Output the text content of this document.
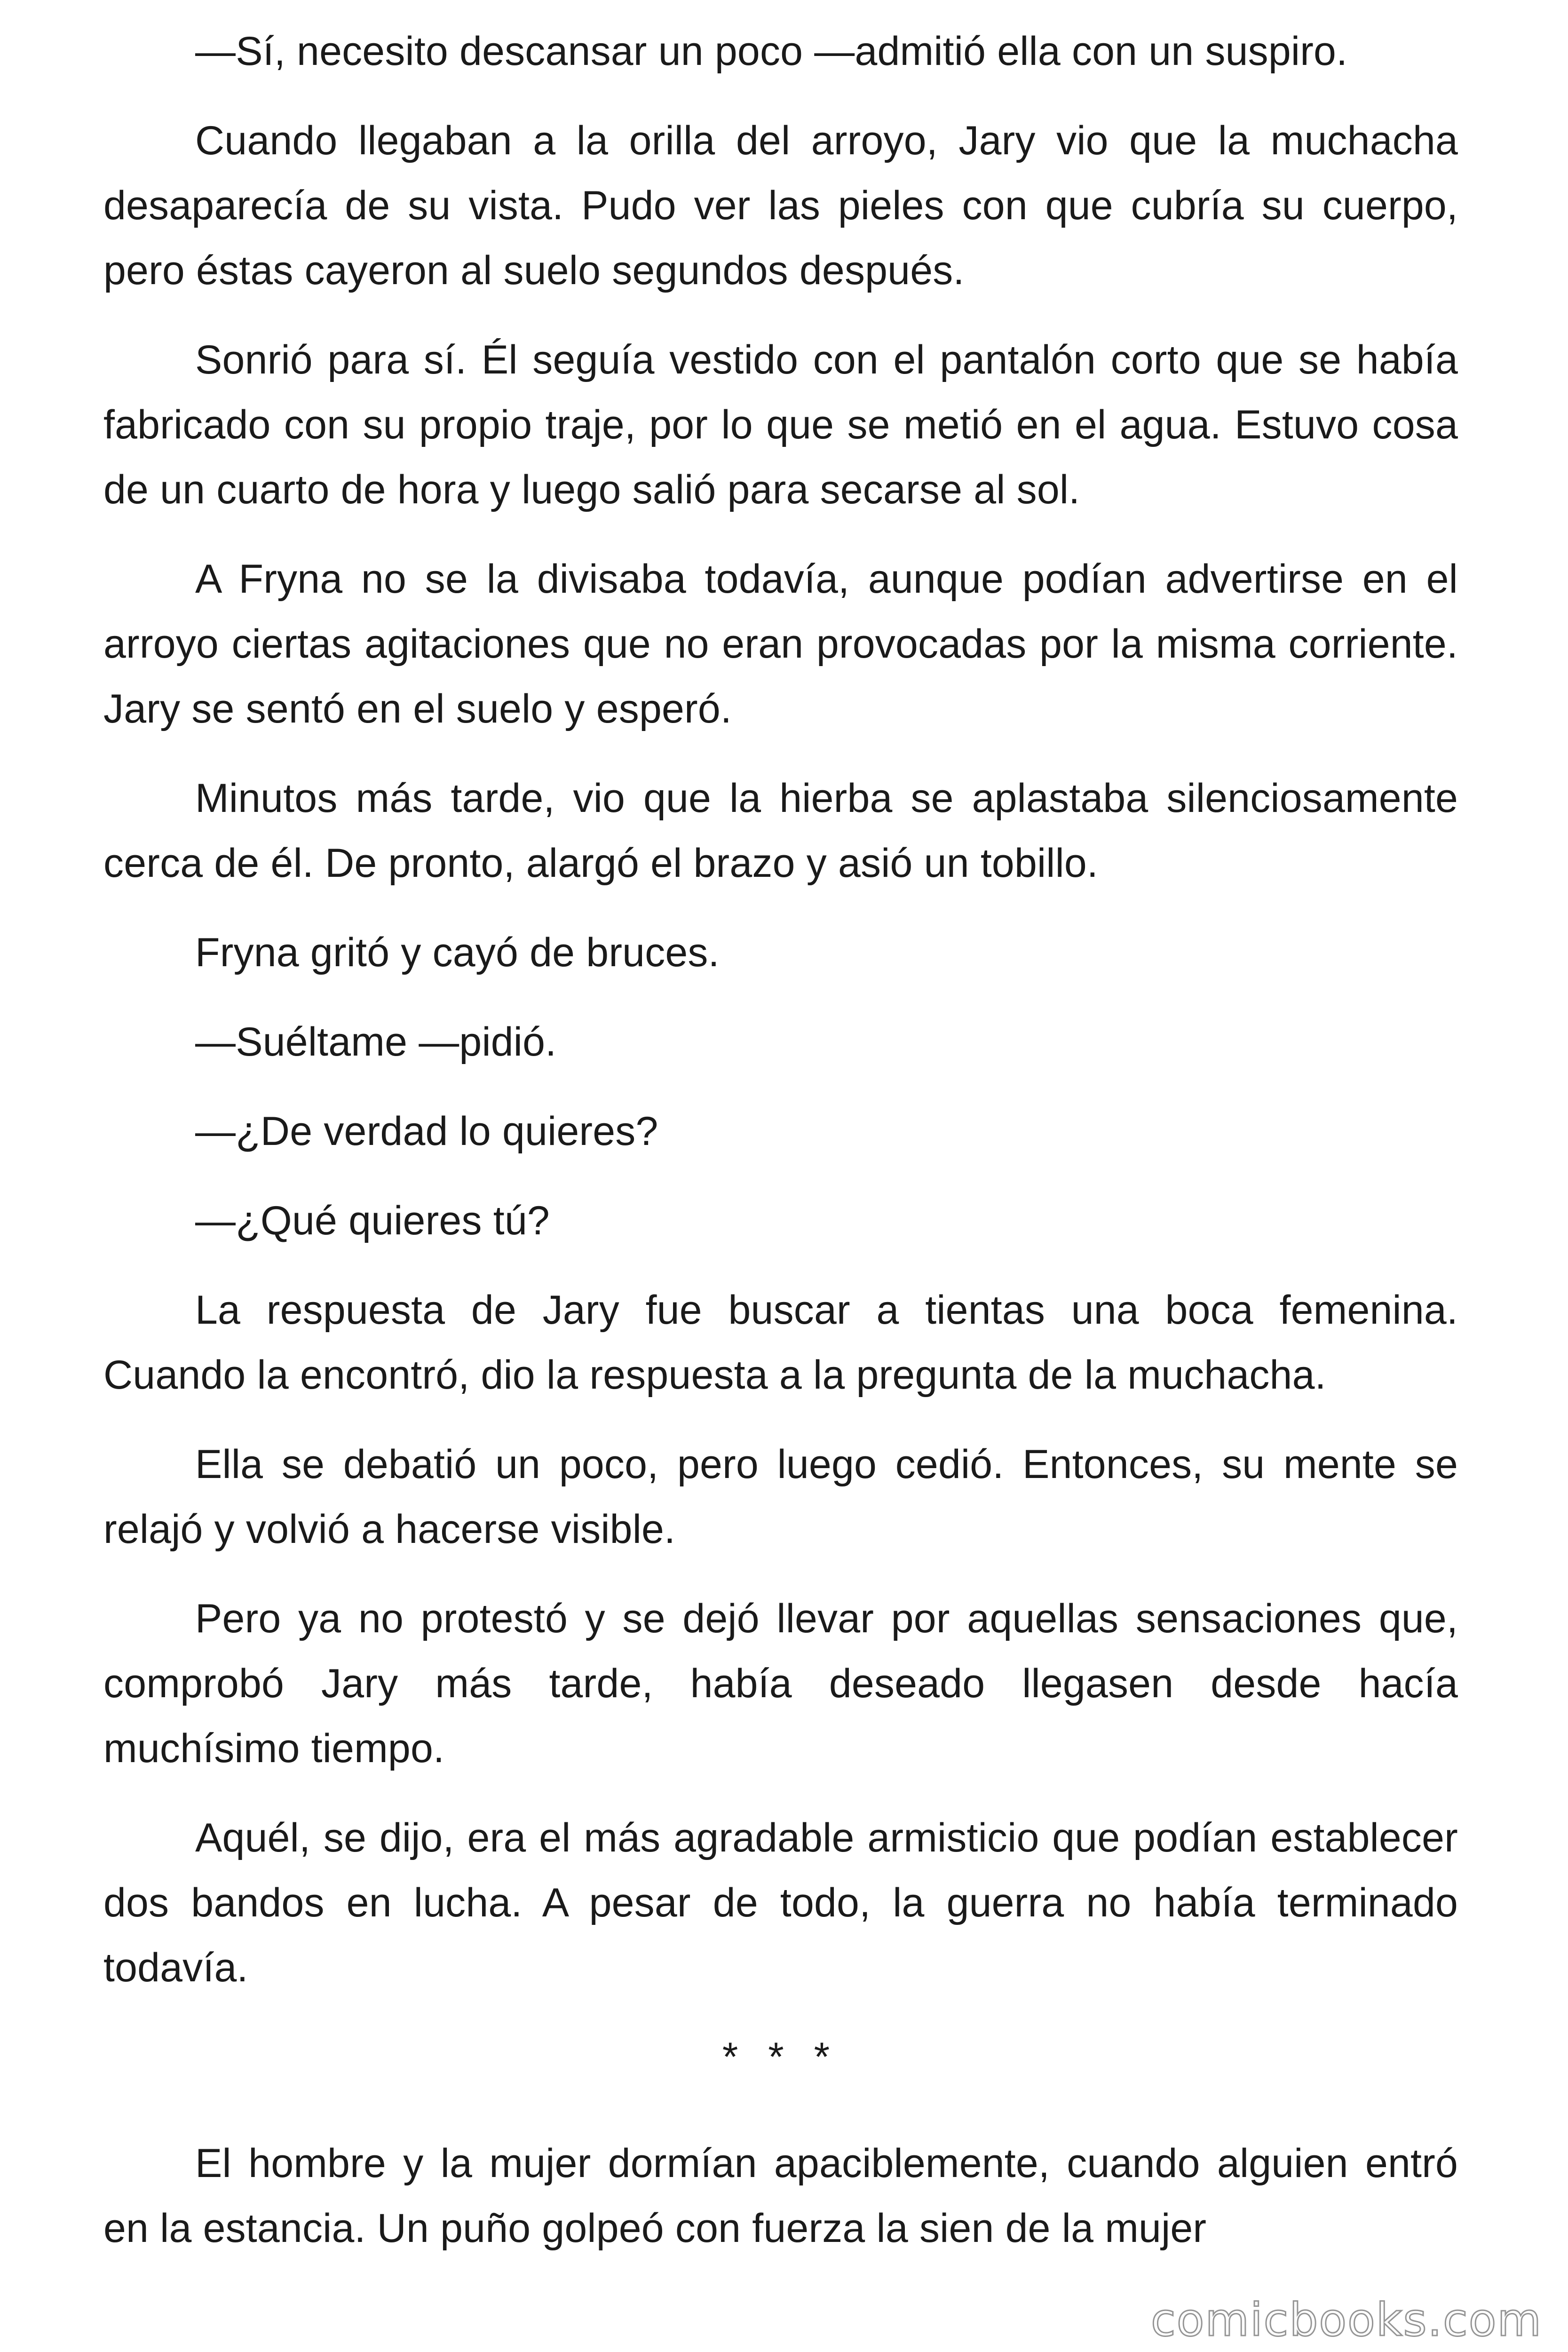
—Sí, necesito descansar un poco —admitió ella con un suspiro.

Cuando llegaban a la orilla del arroyo, Jary vio que la muchacha desaparecía de su vista. Pudo ver las pieles con que cubría su cuerpo, pero éstas cayeron al suelo segundos después.

Sonrió para sí. Él seguía vestido con el pantalón corto que se había fabricado con su propio traje, por lo que se metió en el agua. Estuvo cosa de un cuarto de hora y luego salió para secarse al sol.

A Fryna no se la divisaba todavía, aunque podían advertirse en el arroyo ciertas agitaciones que no eran provocadas por la misma corriente. Jary se sentó en el suelo y esperó.

Minutos más tarde, vio que la hierba se aplastaba silenciosamente cerca de él. De pronto, alargó el brazo y asió un tobillo.

Fryna gritó y cayó de bruces.

—Suéltame —pidió.

—¿De verdad lo quieres?

—¿Qué quieres tú?

La respuesta de Jary fue buscar a tientas una boca femenina. Cuando la encontró, dio la respuesta a la pregunta de la muchacha.

Ella se debatió un poco, pero luego cedió. Entonces, su mente se relajó y volvió a hacerse visible.

Pero ya no protestó y se dejó llevar por aquellas sensaciones que, comprobó Jary más tarde, había deseado llegasen desde hacía muchísimo tiempo.

Aquél, se dijo, era el más agradable armisticio que podían establecer dos bandos en lucha. A pesar de todo, la guerra no había terminado todavía.

* * *

El hombre y la mujer dormían apaciblemente, cuando alguien entró en la estancia. Un puño golpeó con fuerza la sien de la mujer

comicbooks.com
